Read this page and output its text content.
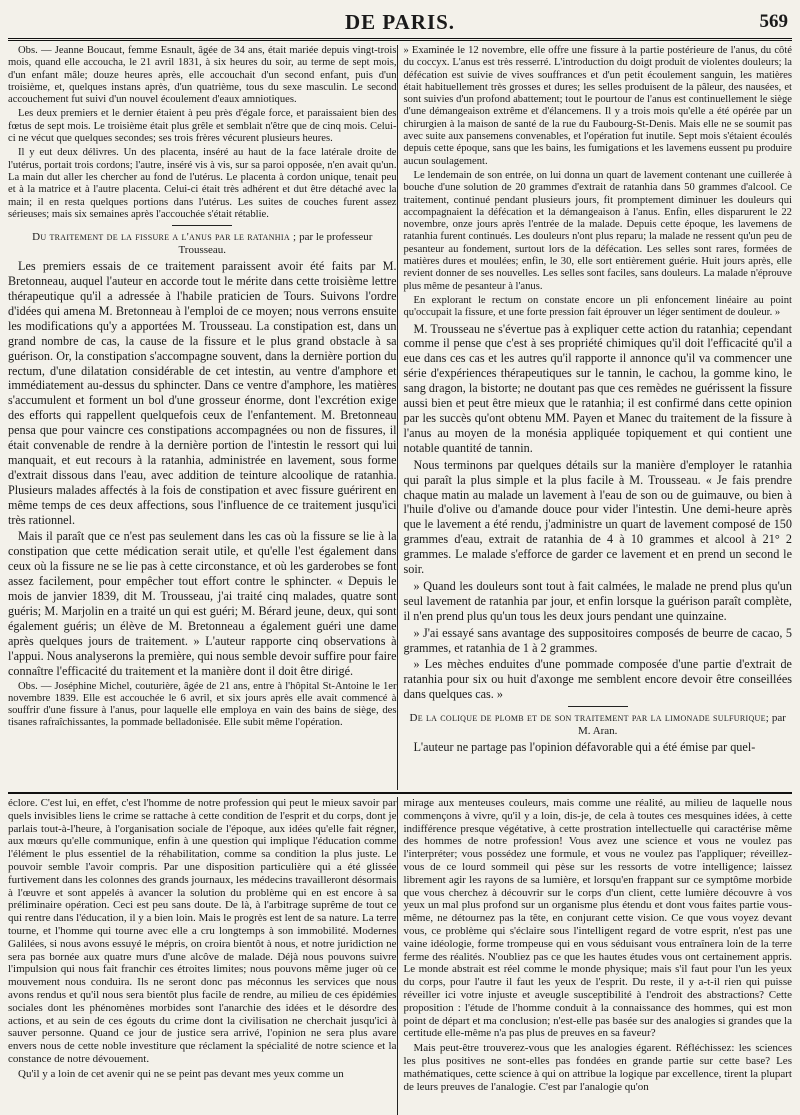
DE PARIS.	569

Obs. — Jeanne Boucaut, femme Esnault, âgée de 34 ans, était mariée depuis vingt-trois mois, quand elle accoucha, le 21 avril 1831, à six heures du soir, au terme de sept mois, d'un enfant mâle; douze heures après, elle accouchait d'un second enfant, puis d'un troisième, et, quelques instans après, d'un quatrième, tous du sexe masculin. Le second accouchement fut suivi d'un nouvel écoulement d'eaux amniotiques.

Les deux premiers et le dernier étaient à peu près d'égale force, et paraissaient bien des fœtus de sept mois. Le troisième était plus grêle et semblait n'être que de cinq mois. Celui-ci ne vécut que quelques secondes; ses trois frères vécurent plusieurs heures.

Il y eut deux délivres. Un des placenta, inséré au haut de la face latérale droite de l'utérus, portait trois cordons; l'autre, inséré vis à vis, sur sa paroi opposée, n'en avait qu'un. La main dut aller les chercher au fond de l'utérus. Le placenta à cordon unique, tenait peu et à la matrice et à l'autre placenta. Celui-ci était très adhérent et dut être détaché avec la main; il en resta quelques portions dans l'utérus. Les suites de couches furent assez sérieuses; mais six semaines après l'accouchée s'était rétablie.

Du traitement de la fissure a l'anus par le ratanhia ; par le professeur Trousseau.

Les premiers essais de ce traitement paraissent avoir été faits par M. Bretonneau, auquel l'auteur en accorde tout le mérite dans cette troisième lettre thérapeutique qu'il a adressée à l'habile praticien de Tours. Suivons l'ordre d'idées qui amena M. Bretonneau à l'emploi de ce moyen; nous verrons ensuite les modifications qu'y a apportées M. Trousseau. La constipation est, dans un grand nombre de cas, la cause de la fissure et le plus grand obstacle à sa guérison. Or, la constipation s'accompagne souvent, dans la dernière portion du rectum, d'une dilatation considérable de cet intestin, au ventre d'amphore et immédiatement au-dessus du sphincter. Dans ce ventre d'amphore, les matières s'accumulent et forment un bol d'une grosseur énorme, dont l'excrétion exige des efforts qui rappellent quelquefois ceux de l'enfantement. M. Bretonneau pensa que pour vaincre ces constipations accompagnées ou non de fissures, il était convenable de rendre à la dernière portion de l'intestin le ressort qui lui manquait, et eut recours à la ratanhia, administrée en lavement, sous forme d'extrait dissous dans l'eau, avec addition de teinture alcoolique de ratanhia. Plusieurs malades affectés à la fois de constipation et avec fissure guérirent en même temps de ces deux affections, sous l'influence de ce traitement jusqu'ici très rationnel.

Mais il paraît que ce n'est pas seulement dans les cas où la fissure se lie à la constipation que cette médication serait utile, et qu'elle l'est également dans ceux où la fissure ne se lie pas à cette circonstance, et où les garderobes se font assez facilement, pour empêcher tout effort contre le sphincter. « Depuis le mois de janvier 1839, dit M. Trousseau, j'ai traité cinq malades, quatre sont guéris; M. Marjolin en a traité un qui est guéri; M. Bérard jeune, deux, qui sont également guéris; un élève de M. Bretonneau a également guéri une dame après quelques jours de traitement. » L'auteur rapporte cinq observations à l'appui. Nous analyserons la première, qui nous semble devoir suffire pour faire connaître l'efficacité du traitement et la manière dont il doit être dirigé.

Obs. — Joséphine Michel, couturière, âgée de 21 ans, entre à l'hôpital St-Antoine le 1er novembre 1839. Elle est accouchée le 6 avril, et six jours après elle avait commencé à souffrir d'une fissure à l'anus, pour laquelle elle employa en vain des bains de siège, des tisanes rafraîchissantes, la pommade belladonisée. Elle subit même l'opération.

» Examinée le 12 novembre, elle offre une fissure à la partie postérieure de l'anus, du côté du coccyx. L'anus est très resserré. L'introduction du doigt produit de violentes douleurs; la défécation est suivie de vives souffrances et d'un petit écoulement sanguin, les matières était habituellement très grosses et dures; les selles produisent de la pâleur, des nausées, et sont suivies d'un profond abattement; tout le pourtour de l'anus est continuellement le siège d'une démangeaison extrême et d'élancemens. Il y a trois mois qu'elle a été opérée par un chirurgien à la maison de santé de la rue du Faubourg-St-Denis. Mais elle ne se soumit pas avec suite aux pansemens convenables, et l'opération fut inutile. Sept mois s'étaient écoulés depuis cette époque, sans que les bains, les fumigations et les lavemens eussent pu produire aucun soulagement.

Le lendemain de son entrée, on lui donna un quart de lavement contenant une cuillerée à bouche d'une solution de 20 grammes d'extrait de ratanhia dans 50 grammes d'alcool. Ce traitement, continué pendant plusieurs jours, fit promptement diminuer les douleurs qui accompagnaient la défécation et la démangeaison à l'anus. Enfin, elles disparurent le 22 novembre, onze jours après l'entrée de la malade. Depuis cette époque, les lavemens de ratanhia furent continués. Les douleurs n'ont plus reparu; la malade ne ressent qu'un peu de pesanteur au fondement, surtout lors de la défécation. Les selles sont rares, formées de matières dures et moulées; enfin, le 30, elle sort entièrement guérie. Huit jours après, elle revient donner de ses nouvelles. Les selles sont faciles, sans douleurs. La malade n'éprouve plus même de pesanteur à l'anus.

En explorant le rectum on constate encore un pli enfoncement linéaire au point qu'occupait la fissure, et une forte pression fait éprouver un léger sentiment de douleur. »

M. Trousseau ne s'évertue pas à expliquer cette action du ratanhia; cependant comme il pense que c'est à ses propriété chimiques qu'il doit l'efficacité qu'il a eue dans ces cas et les autres qu'il rapporte il annonce qu'il va commencer une série d'expériences thérapeutiques sur le tannin, le cachou, la gomme kino, le sang dragon, la bistorte; ne doutant pas que ces remèdes ne guérissent la fissure aussi bien et peut être mieux que le ratanhia; il est confirmé dans cette opinion par les succès qu'ont obtenu MM. Payen et Manec du traitement de la fissure à l'anus au moyen de la monésia appliquée topiquement et qui contient une notable quantité de tannin.

Nous terminons par quelques détails sur la manière d'employer le ratanhia qui paraît la plus simple et la plus facile à M. Trousseau. « Je fais prendre chaque matin au malade un lavement à l'eau de son ou de guimauve, ou bien à l'huile d'olive ou d'amande douce pour vider l'intestin. Une demi-heure après que le lavement a été rendu, j'administre un quart de lavement composé de 150 grammes d'eau, extrait de ratanhia de 4 à 10 grammes et alcool à 21° 2 grammes. Le malade s'efforce de garder ce lavement et en prend un second le soir.

» Quand les douleurs sont tout à fait calmées, le malade ne prend plus qu'un seul lavement de ratanhia par jour, et enfin lorsque la guérison paraît complète, il n'en prend plus qu'un tous les deux jours pendant une quinzaine.

» J'ai essayé sans avantage des suppositoires composés de beurre de cacao, 5 grammes, et ratanhia de 1 à 2 grammes.

» Les mèches enduites d'une pommade composée d'une partie d'extrait de ratanhia pour six ou huit d'axonge me semblent encore devoir être conseillées dans quelques cas. »

De la colique de plomb et de son traitement par la limonade sulfurique; par M. Aran.

L'auteur ne partage pas l'opinion défavorable qui a été émise par quel-

éclore. C'est lui, en effet, c'est l'homme de notre profession qui peut le mieux savoir par quels invisibles liens le crime se rattache à cette condition de l'esprit et du corps, dont je parlais tout-à-l'heure, à l'organisation sociale de l'époque, aux idées qu'elle fait régner, aux mœurs qu'elle communique, enfin à une question qui implique l'éducation comme l'élément le plus essentiel de la réhabilitation, comme sa condition la plus juste. Le pouvoir semble l'avoir compris. Par une disposition particulière qui a été glissée furtivement dans les colonnes des grands journaux, les médecins travailleront désormais à l'œuvre et sont appelés à avancer la solution du problème qui en est encore à sa préliminaire opération. Ceci est peu sans doute. De là, à l'arbitrage suprême de tout ce qui rentre dans l'éducation, il y a bien loin. Mais le progrès est lent de sa nature. La terre tourne, et l'homme qui tourne avec elle a cru longtemps à son immobilité. Modernes Galilées, si nous avons essuyé le mépris, on croira bientôt à nous, et notre juridiction ne sera pas bornée aux quatre murs d'une alcôve de malade. Déjà nous pouvons suivre l'impulsion qui nous fait franchir ces étroites limites; nous pouvons même juger où ce mouvement nous conduira. Ils ne seront donc pas méconnus les services que nous avons rendus et qu'il nous sera bientôt plus facile de rendre, au milieu de ces épidémies sociales dont les phénomènes morbides sont l'anarchie des idées et le désordre des actions, et au sein de ces égouts du crime dont la civilisation ne cherchait jusqu'ici à sauver personne. Quand ce jour de justice sera arrivé, l'opinion ne sera plus avare envers nous de cette noble investiture que réclament la spécialité de notre science et la constance de notre dévouement.

Qu'il y a loin de cet avenir qui ne se peint pas devant mes yeux comme un

mirage aux menteuses couleurs, mais comme une réalité, au milieu de laquelle nous commençons à vivre, qu'il y a loin, dis-je, de cela à toutes ces mesquines idées, à cette indifférence presque végétative, à cette prostration intellectuelle qui caractérise même des hommes de notre profession! Vous avez une science et vous ne voulez pas l'interpréter; vous possédez une formule, et vous ne voulez pas l'appliquer; réveillez-vous de ce lourd sommeil qui pèse sur les ressorts de votre intelligence; laissez librement agir les rayons de sa lumière, et lorsqu'en frappant sur ce symptôme morbide que vous cherchez à découvrir sur le corps d'un client, cette lumière découvre à vos yeux un mal plus profond sur un organisme plus étendu et dont vous faites partie vous-même, ne détournez pas la tête, en conjurant cette vision. Ce que vous voyez devant vous, ce problème qui s'éclaire sous l'intelligent regard de votre esprit, n'est pas une vaine idéologie, forme trompeuse qui en vous séduisant vous entraînera loin de la terre ferme des réalités. N'oubliez pas ce que les hautes études vous ont certainement appris. Le monde abstrait est réel comme le monde physique; mais s'il faut pour l'un les yeux du corps, pour l'autre il faut les yeux de l'esprit. Du reste, il y a-t-il rien qui puisse réveiller ici votre injuste et aveugle susceptibilité à l'endroit des abstractions? Cette proposition : l'étude de l'homme conduit à la connaissance des hommes, qui est mon point de départ et ma conclusion; n'est-elle pas basée sur des analogies si grandes que la certitude elle-même n'a pas plus de preuves en sa faveur?

Mais peut-être trouverez-vous que les analogies égarent. Réfléchissez: les sciences les plus positives ne sont-elles pas fondées en grande partie sur cette base? Les mathématiques, cette science à qui on attribue la logique par excellence, tirent la plupart de leurs preuves de l'analogie. C'est par l'analogie qu'on
